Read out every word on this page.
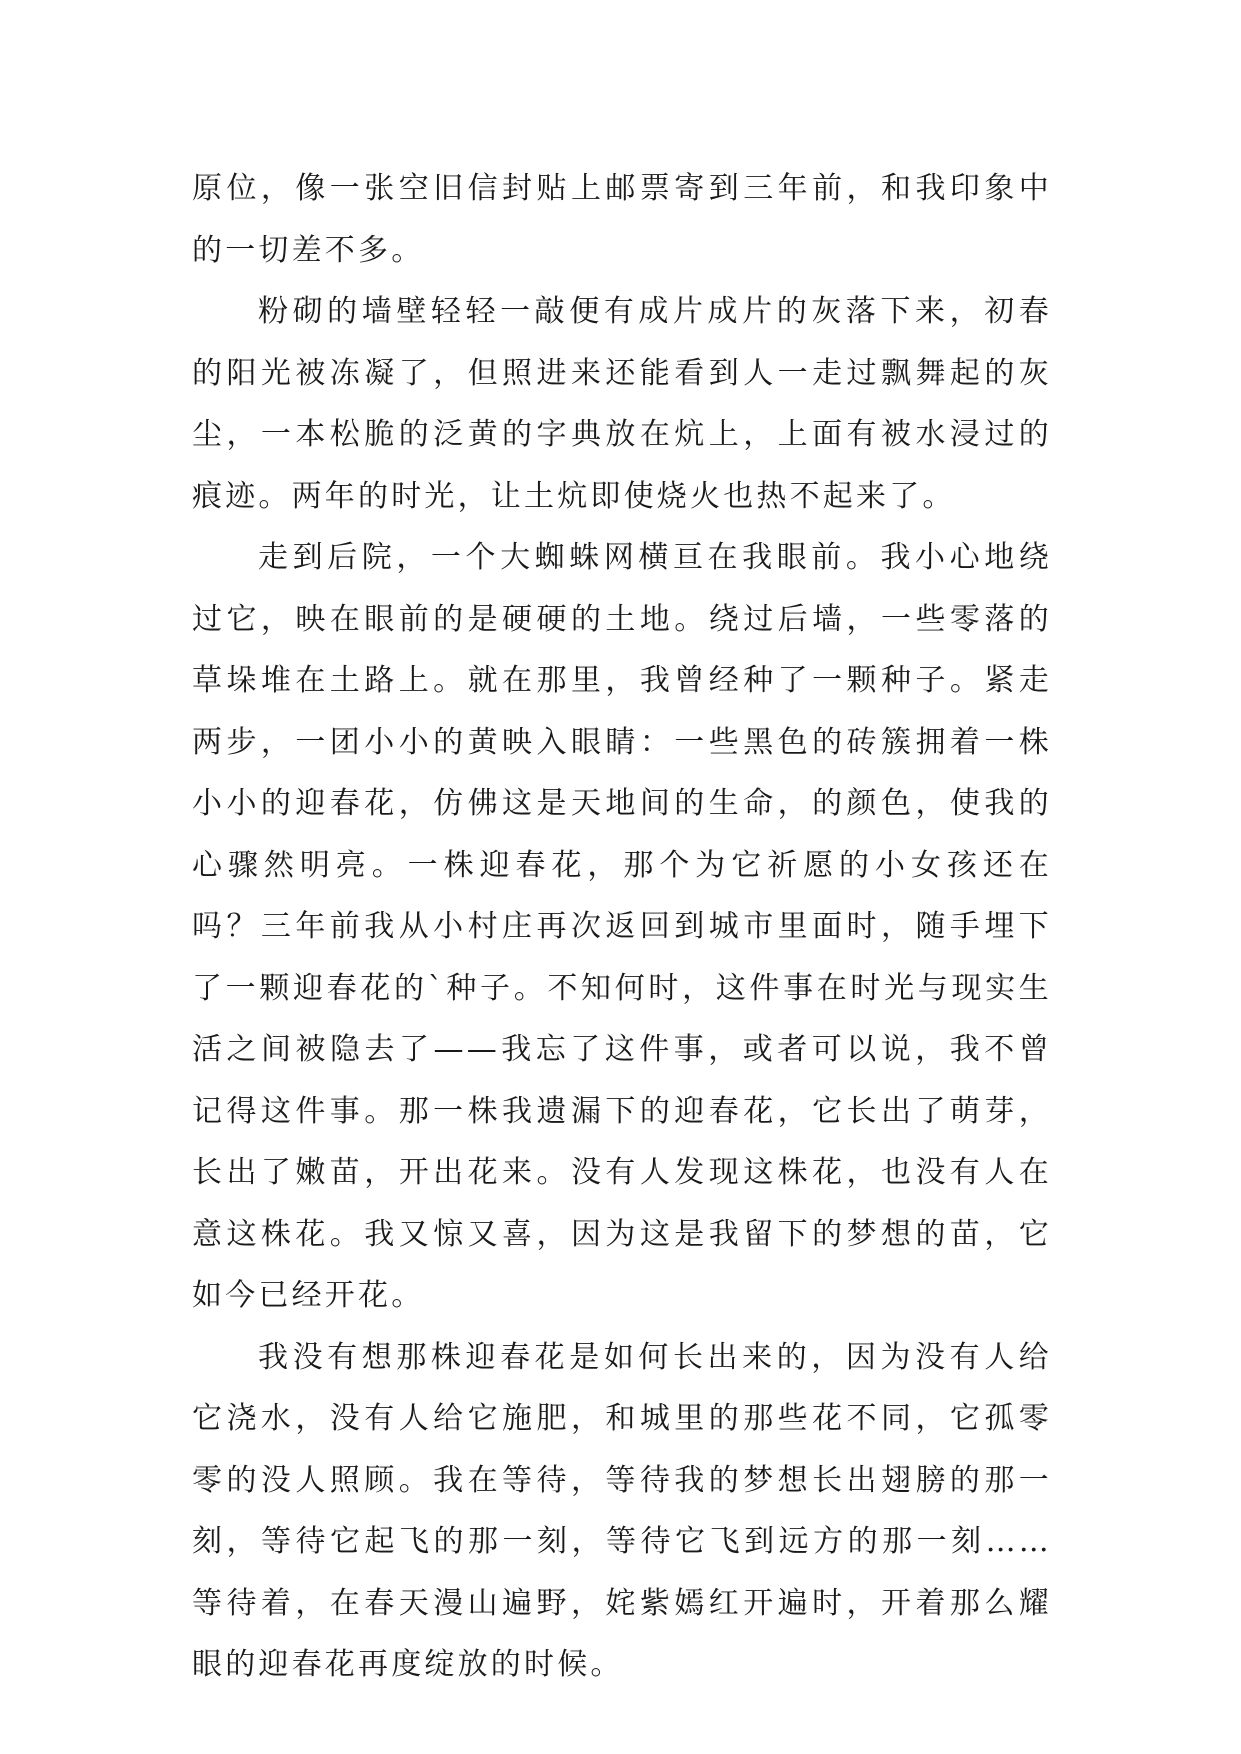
原位，像一张空旧信封贴上邮票寄到三年前，和我印象中的一切差不多。

粉砌的墙壁轻轻一敲便有成片成片的灰落下来，初春的阳光被冻凝了，但照进来还能看到人一走过飘舞起的灰尘，一本松脆的泛黄的字典放在炕上，上面有被水浸过的痕迹。两年的时光，让土炕即使烧火也热不起来了。

走到后院，一个大蜘蛛网横亘在我眼前。我小心地绕过它，映在眼前的是硬硬的土地。绕过后墙，一些零落的草垛堆在土路上。就在那里，我曾经种了一颗种子。紧走两步，一团小小的黄映入眼睛：一些黑色的砖簇拥着一株小小的迎春花，仿佛这是天地间的生命，的颜色，使我的心骤然明亮。一株迎春花，那个为它祈愿的小女孩还在吗？三年前我从小村庄再次返回到城市里面时，随手埋下了一颗迎春花的`种子。不知何时，这件事在时光与现实生活之间被隐去了——我忘了这件事，或者可以说，我不曾记得这件事。那一株我遗漏下的迎春花，它长出了萌芽，长出了嫩苗，开出花来。没有人发现这株花，也没有人在意这株花。我又惊又喜，因为这是我留下的梦想的苗，它如今已经开花。

我没有想那株迎春花是如何长出来的，因为没有人给它浇水，没有人给它施肥，和城里的那些花不同，它孤零零的没人照顾。我在等待，等待我的梦想长出翅膀的那一刻，等待它起飞的那一刻，等待它飞到远方的那一刻……等待着，在春天漫山遍野，姹紫嫣红开遍时，开着那么耀眼的迎春花再度绽放的时候。
